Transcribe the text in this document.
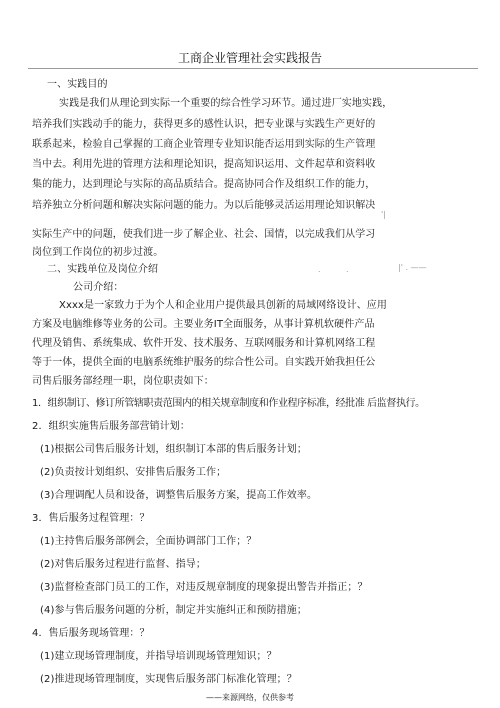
工商企业管理社会实践报告
一、实践目的
实践是我们从理论到实际一个重要的综合性学习环节。通过进厂实地实践，
培养我们实践动手的能力，获得更多的感性认识，把专业课与实践生产更好的
联系起来，检验自己掌握的工商企业管理专业知识能否运用到实际的生产管理
当中去。利用先进的管理方法和理论知识，提高知识运用、文件起草和资料收
集的能力，达到理论与实际的高品质结合。提高协同合作及组织工作的能力，
培养独立分析问题和解决实际问题的能力。为以后能够灵活运用理论知识解决
'|
实际生产中的问题，使我们进一步了解企业、社会、国情，以完成我们从学习
岗位到工作岗位的初步过渡。
二、实践单位及岗位介绍	.	.	|' . ——
公司介绍：
Xxxx是一家致力于为个人和企业用户提供最具创新的局域网络设计、应用
方案及电脑维修等业务的公司。主要业务IT全面服务，从事计算机软硬件产品
代理及销售、系统集成、软件开发、技术服务、互联网服务和计算机网络工程
等于一体，提供全面的电脑系统维护服务的综合性公司。自实践开始我担任公
司售后服务部经理一职，岗位职责如下：
1．组织制订、修订所管辖职责范围内的相关规章制度和作业程序标准，经批准 后监督执行。
2．组织实施售后服务部营销计划：
(1)根据公司售后服务计划，组织制订本部的售后服务计划；
(2)负责按计划组织、安排售后服务工作；
(3)合理调配人员和设备，调整售后服务方案，提高工作效率。
3．售后服务过程管理：？
(1)主持售后服务部例会，全面协调部门工作；？
(2)对售后服务过程进行监督、指导；
(3)监督检查部门员工的工作，对违反规章制度的现象提出警告并指正；？
(4)参与售后服务问题的分析，制定并实施纠正和预防措施；
4．售后服务现场管理：？
(1)建立现场管理制度，并指导培训现场管理知识；？
(2)推进现场管理制度，实现售后服务部门标准化管理；？
——来源网络，仅供参考
